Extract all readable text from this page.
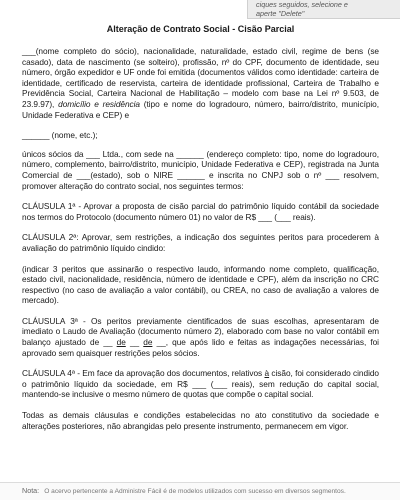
ciques seguidos, selecione e
aperte "Delete"
Alteração de Contrato Social - Cisão Parcial

___(nome completo do sócio), nacionalidade, naturalidade, estado civil, regime de bens (se casado), data de nascimento (se solteiro), profissão, nº do CPF, documento de identidade, seu número, órgão expedidor e UF onde foi emitida (documentos válidos como identidade: carteira de identidade, certificado de reservista, carteira de identidade profissional, Carteira de Trabalho e Previdência Social, Carteira Nacional de Habilitação – modelo com base na Lei nº 9.503, de 23.9.97), domicílio e residência (tipo e nome do logradouro, número, bairro/distrito, município, Unidade Federativa e CEP) e

______ (nome, etc.);

únicos sócios da ___ Ltda., com sede na ______ (endereço completo: tipo, nome do logradouro, número, complemento, bairro/distrito, município, Unidade Federativa e CEP), registrada na Junta Comercial de ___(estado), sob o NIRE ______ e inscrita no CNPJ sob o nº ___ resolvem, promover alteração do contrato social, nos seguintes termos:

CLÁUSULA 1ª - Aprovar a proposta de cisão parcial do patrimônio líquido contábil da sociedade nos termos do Protocolo (documento número 01) no valor de R$ ___ (___ reais).

CLÁUSULA 2ª: Aprovar, sem restrições, a indicação dos seguintes peritos para procederem à avaliação do patrimônio líquido cindido:

(indicar 3 peritos que assinarão o respectivo laudo, informando nome completo, qualificação, estado civil, nacionalidade, residência, número de identidade e CPF), além da inscrição no CRC respectivo (no caso de avaliação a valor contábil), ou CREA, no caso de avaliação a valores de mercado).

CLÁUSULA 3ª - Os peritos previamente cientificados de suas escolhas, apresentaram de imediato o Laudo de Avaliação (documento número 2), elaborado com base no valor contábil em balanço ajustado de __ de __ de __, que após lido e feitas as indagações necessárias, foi aprovado sem quaisquer restrições pelos sócios.

CLÁUSULA 4ª - Em face da aprovação dos documentos, relativos à cisão, foi considerado cindido o patrimônio líquido da sociedade, em R$ ___ (___ reais), sem redução do capital social, mantendo-se inclusive o mesmo número de quotas que compõe o capital social.

Todas as demais cláusulas e condições estabelecidas no ato constitutivo da sociedade e alterações posteriores, não abrangidas pelo presente instrumento, permanecem em vigor.

Nota: O acervo pertencente a Administre Fácil é de modelos utilizados com sucesso em diversos segmentos.
